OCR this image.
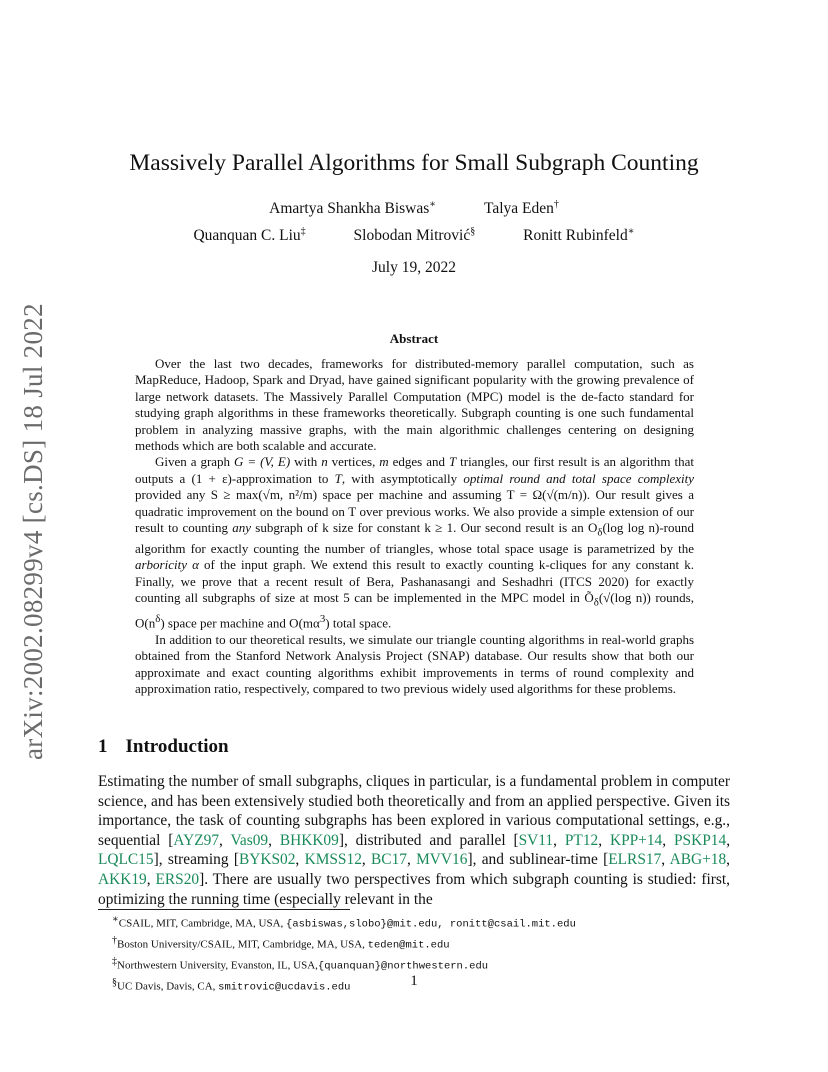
arXiv:2002.08299v4 [cs.DS] 18 Jul 2022
Massively Parallel Algorithms for Small Subgraph Counting
Amartya Shankha Biswas∗	Talya Eden†
Quanquan C. Liu‡	Slobodan Mitrović§	Ronitt Rubinfeld∗
July 19, 2022
Abstract

Over the last two decades, frameworks for distributed-memory parallel computation, such as MapReduce, Hadoop, Spark and Dryad, have gained significant popularity with the growing prevalence of large network datasets. The Massively Parallel Computation (MPC) model is the de-facto standard for studying graph algorithms in these frameworks theoretically. Subgraph counting is one such fundamental problem in analyzing massive graphs, with the main algorithmic challenges centering on designing methods which are both scalable and accurate.

Given a graph G = (V, E) with n vertices, m edges and T triangles, our first result is an algorithm that outputs a (1 + ε)-approximation to T, with asymptotically optimal round and total space complexity provided any S ≥ max(√m, n²/m) space per machine and assuming T = Ω(√(m/n)). Our result gives a quadratic improvement on the bound on T over previous works. We also provide a simple extension of our result to counting any subgraph of k size for constant k ≥ 1. Our second result is an $O_\delta(\log$ log n)-round algorithm for exactly counting the number of triangles, whose total space usage is parametrized by the arboricity α of the input graph. We extend this result to exactly counting k-cliques for any constant k. Finally, we prove that a recent result of Bera, Pashanasangi and Seshadhri (ITCS 2020) for exactly counting all subgraphs of size at most 5 can be implemented in the MPC model in $Õ_\delta(√(\log$ n)) rounds, $O(n^\delta)$ space per machine and $O(m\alpha^3)$ total space.

In addition to our theoretical results, we simulate our triangle counting algorithms in real-world graphs obtained from the Stanford Network Analysis Project (SNAP) database. Our results show that both our approximate and exact counting algorithms exhibit improvements in terms of round complexity and approximation ratio, respectively, compared to two previous widely used algorithms for these problems.

1 Introduction

Estimating the number of small subgraphs, cliques in particular, is a fundamental problem in computer science, and has been extensively studied both theoretically and from an applied perspective. Given its importance, the task of counting subgraphs has been explored in various computational settings, e.g., sequential [AYZ97, Vas09, BHKK09], distributed and parallel [SV11, PT12, KPP+14, PSKP14, LQLC15], streaming [BYKS02, KMSS12, BC17, MVV16], and sublinear-time [ELRS17, ABG+18, AKK19, ERS20]. There are usually two perspectives from which subgraph counting is studied: first, optimizing the running time (especially relevant in the

∗CSAIL, MIT, Cambridge, MA, USA, {asbiswas,slobo}@mit.edu, ronitt@csail.mit.edu
†Boston University/CSAIL, MIT, Cambridge, MA, USA, teden@mit.edu
‡Northwestern University, Evanston, IL, USA,{quanquan}@northwestern.edu
§UC Davis, Davis, CA, smitrovic@ucdavis.edu	1
